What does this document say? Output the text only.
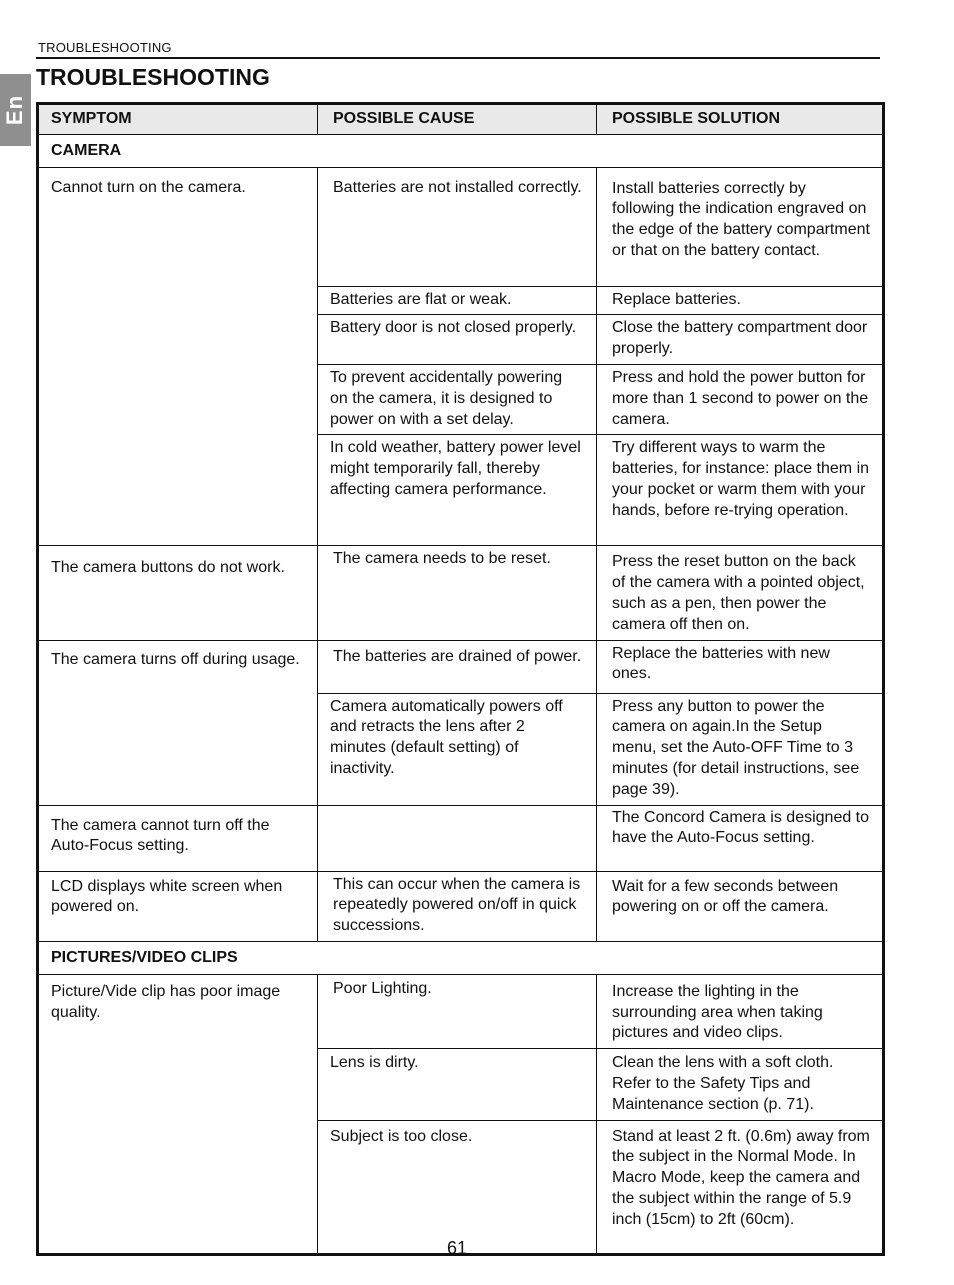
TROUBLESHOOTING
En
TROUBLESHOOTING
SYMPTOM	POSSIBLE CAUSE	POSSIBLE SOLUTION
CAMERA		
Cannot turn on the camera.	Batteries are not installed correctly.	Install batteries correctly by following the indication engraved on the edge of the battery compartment or that on the battery contact.
	Batteries are flat or weak.	Replace batteries.
	Battery door is not closed properly.	Close the battery compartment door properly.
	To prevent accidentally powering on the camera, it is designed to power on with a set delay.	Press and hold the power button for more than 1 second to power on the camera.
	In cold weather, battery power level might temporarily fall, thereby affecting camera performance.	Try different ways to warm the batteries, for instance: place them in your pocket or warm them with your hands, before re-trying operation.
The camera buttons do not work.	The camera needs to be reset.	Press the reset button on the back of the camera with a pointed object, such as a pen, then power the camera off then on.
The camera turns off during usage.	The batteries are drained of power.	Replace the batteries with new ones.
	Camera automatically powers off and retracts the lens after 2 minutes (default setting) of inactivity.	Press any button to power the camera on again.In the Setup menu, set the Auto-OFF Time to 3 minutes (for detail instructions, see page 39).
The camera cannot turn off the Auto-Focus setting.		The Concord Camera is designed to have the Auto-Focus setting.
LCD displays white screen when powered on.	This can occur when the camera is repeatedly powered on/off in quick successions.	Wait for a few seconds between powering on or off the camera.
PICTURES/VIDEO CLIPS		
Picture/Vide clip has poor image quality.	Poor Lighting.	Increase the lighting in the surrounding area when taking pictures and video clips.
	Lens is dirty.	Clean the lens with a soft cloth. Refer to the Safety Tips and Maintenance section (p. 71).
	Subject is too close.	Stand at least 2 ft. (0.6m) away from the subject in the Normal Mode. In Macro Mode, keep the camera and the subject within the range of 5.9 inch (15cm) to 2ft (60cm).
61
